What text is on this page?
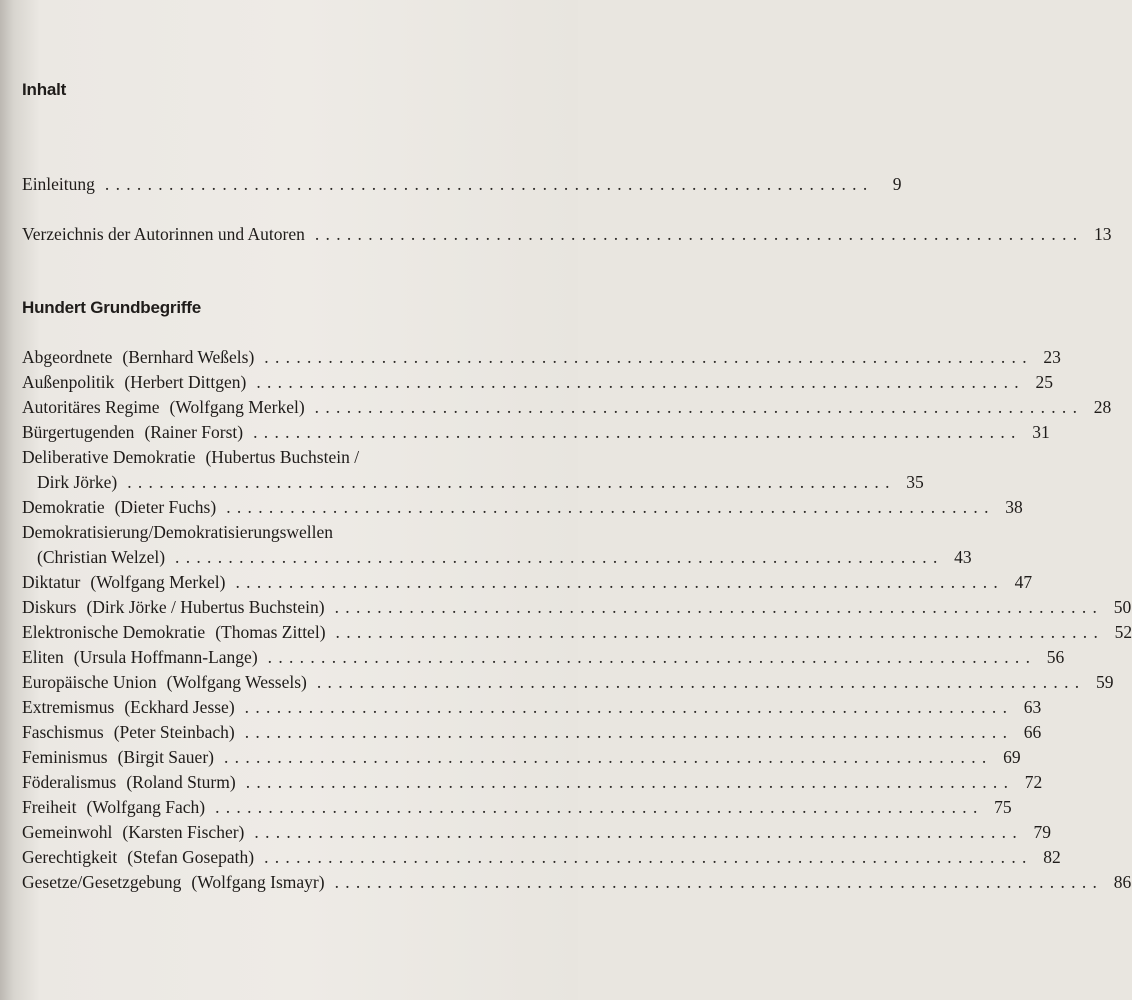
Inhalt
Einleitung ........................................................................	9
Verzeichnis der Autorinnen und Autoren ........................................................................ 13
Hundert Grundbegriffe
Abgeordnete (Bernhard Weßels) ........................................................................ 23
Außenpolitik (Herbert Dittgen) ........................................................................ 25
Autoritäres Regime (Wolfgang Merkel) ........................................................................ 28
Bürgertugenden (Rainer Forst) ........................................................................ 31
Deliberative Demokratie (Hubertus Buchstein /
Dirk Jörke) ........................................................................ 35
Demokratie (Dieter Fuchs) ........................................................................ 38
Demokratisierung/Demokratisierungswellen
(Christian Welzel) ........................................................................ 43
Diktatur (Wolfgang Merkel) ........................................................................ 47
Diskurs (Dirk Jörke / Hubertus Buchstein) ........................................................................ 50
Elektronische Demokratie (Thomas Zittel) ........................................................................ 52
Eliten (Ursula Hoffmann-Lange) ........................................................................ 56
Europäische Union (Wolfgang Wessels) ........................................................................ 59
Extremismus (Eckhard Jesse) ........................................................................ 63
Faschismus (Peter Steinbach) ........................................................................ 66
Feminismus (Birgit Sauer) ........................................................................ 69
Föderalismus (Roland Sturm) ........................................................................ 72
Freiheit (Wolfgang Fach) ........................................................................ 75
Gemeinwohl (Karsten Fischer) ........................................................................ 79
Gerechtigkeit (Stefan Gosepath) ........................................................................ 82
Gesetze/Gesetzgebung (Wolfgang Ismayr) ........................................................................ 86
